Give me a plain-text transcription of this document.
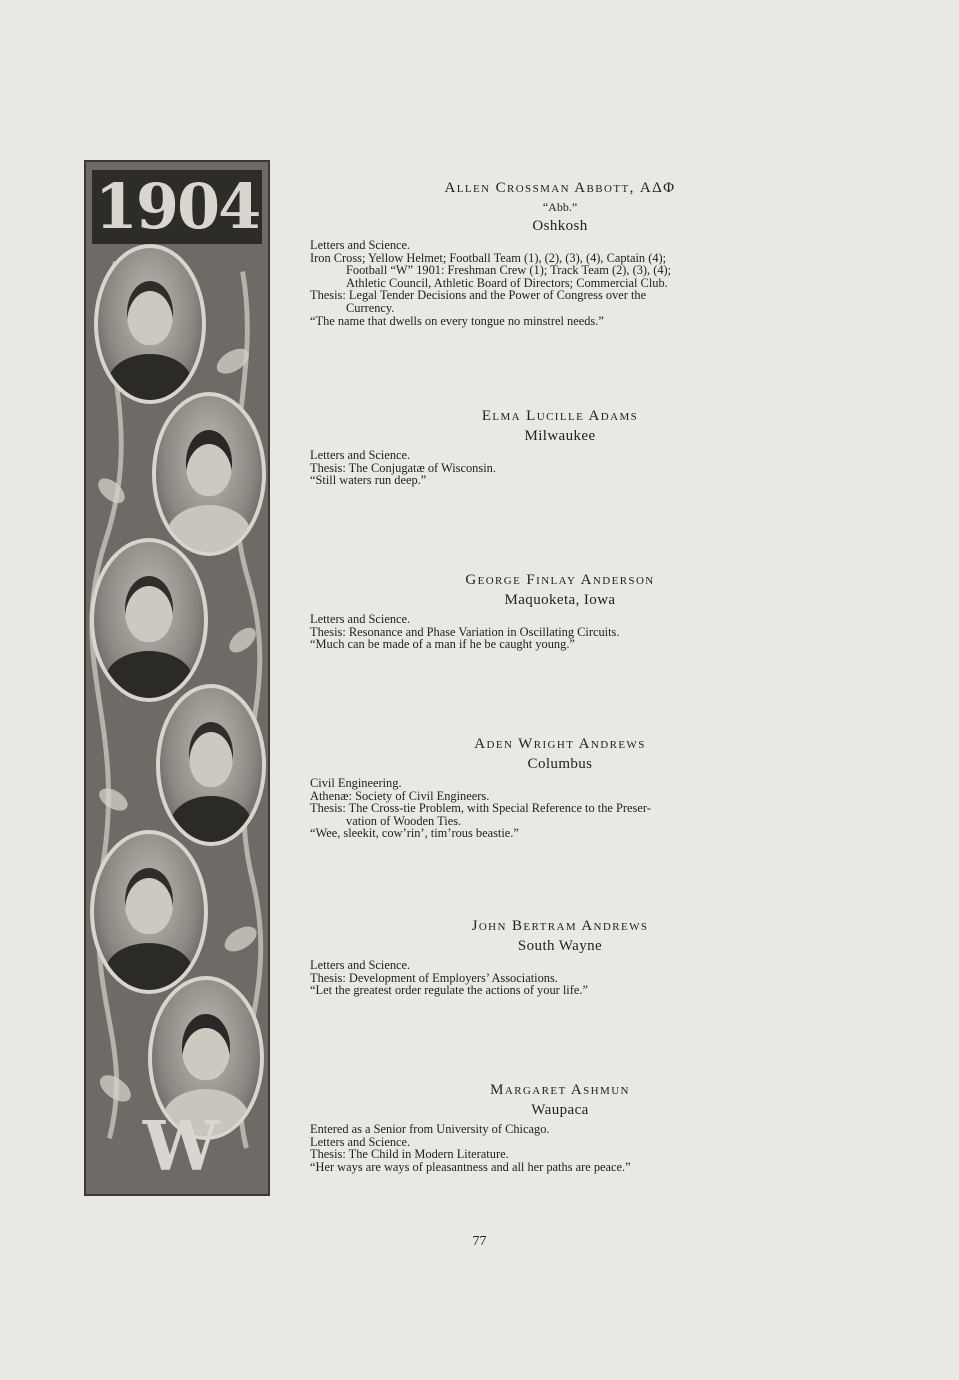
1904
W
Allen Crossman Abbott, ΑΔΦ
“Abb.”
Oshkosh
Letters and Science.
Iron Cross; Yellow Helmet; Football Team (1), (2), (3), (4), Captain (4);
Football “W” 1901: Freshman Crew (1); Track Team (2), (3), (4);
Athletic Council, Athletic Board of Directors; Commercial Club.
Thesis: Legal Tender Decisions and the Power of Congress over the
Currency.
“The name that dwells on every tongue no minstrel needs.”
Elma Lucille Adams
Milwaukee
Letters and Science.
Thesis: The Conjugatæ of Wisconsin.
“Still waters run deep.”
George Finlay Anderson
Maquoketa, Iowa
Letters and Science.
Thesis: Resonance and Phase Variation in Oscillating Circuits.
“Much can be made of a man if he be caught young.”
Aden Wright Andrews
Columbus
Civil Engineering.
Athenæ: Society of Civil Engineers.
Thesis: The Cross-tie Problem, with Special Reference to the Preser-
vation of Wooden Ties.
“Wee, sleekit, cow’rin’, tim’rous beastie.”
John Bertram Andrews
South Wayne
Letters and Science.
Thesis: Development of Employers’ Associations.
“Let the greatest order regulate the actions of your life.”
Margaret Ashmun
Waupaca
Entered as a Senior from University of Chicago.
Letters and Science.
Thesis: The Child in Modern Literature.
“Her ways are ways of pleasantness and all her paths are peace.”
77
